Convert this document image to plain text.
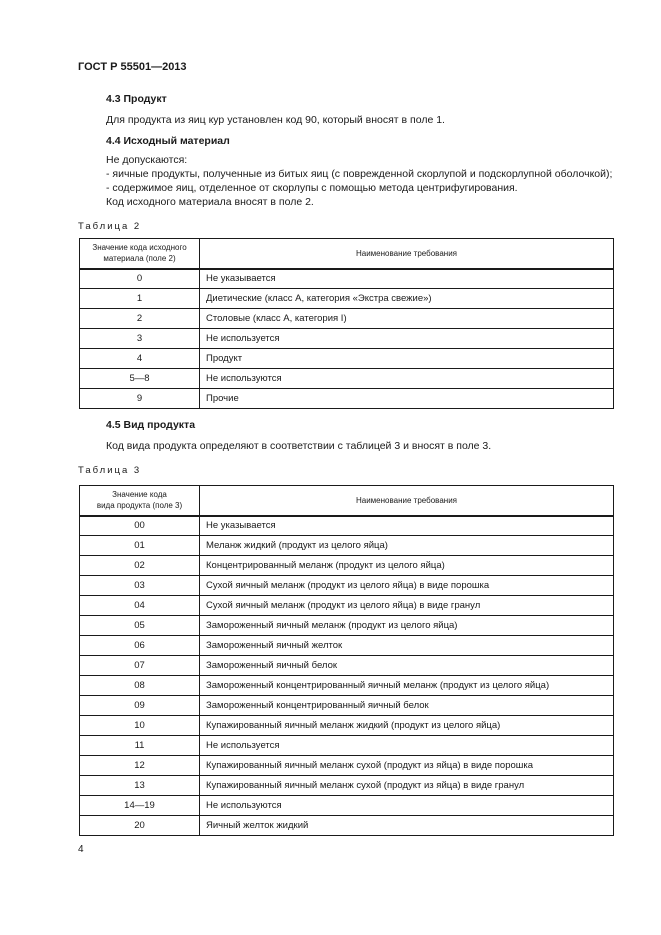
ГОСТ Р 55501—2013
4.3 Продукт
Для продукта из яиц кур установлен код 90, который вносят в поле 1.
4.4 Исходный материал
Не допускаются:
- яичные продукты, полученные из битых яиц (с поврежденной скорлупой и подскорлупной оболочкой);
- содержимое яиц, отделенное от скорлупы с помощью метода центрифугирования.
Код исходного материала вносят в поле 2.
Таблица 2
Значение кода исходного
материала (поле 2)	Наименование требования
0	Не указывается
1	Диетические (класс А, категория «Экстра свежие»)
2	Столовые (класс А, категория I)
3	Не используется
4	Продукт
5—8	Не используются
9	Прочие
4.5 Вид продукта
Код вида продукта определяют в соответствии с таблицей 3 и вносят в поле 3.
Таблица 3
Значение кода
вида продукта (поле 3)	Наименование требования
00	Не указывается
01	Меланж жидкий (продукт из целого яйца)
02	Концентрированный меланж (продукт из целого яйца)
03	Сухой яичный меланж (продукт из целого яйца) в виде порошка
04	Сухой яичный меланж (продукт из целого яйца) в виде гранул
05	Замороженный яичный меланж (продукт из целого яйца)
06	Замороженный яичный желток
07	Замороженный яичный белок
08	Замороженный концентрированный яичный меланж (продукт из целого яйца)
09	Замороженный концентрированный яичный белок
10	Купажированный яичный меланж жидкий (продукт из целого яйца)
11	Не используется
12	Купажированный яичный меланж сухой (продукт из яйца) в виде порошка
13	Купажированный яичный меланж сухой (продукт из яйца) в виде гранул
14—19	Не используются
20	Яичный желток жидкий
4
